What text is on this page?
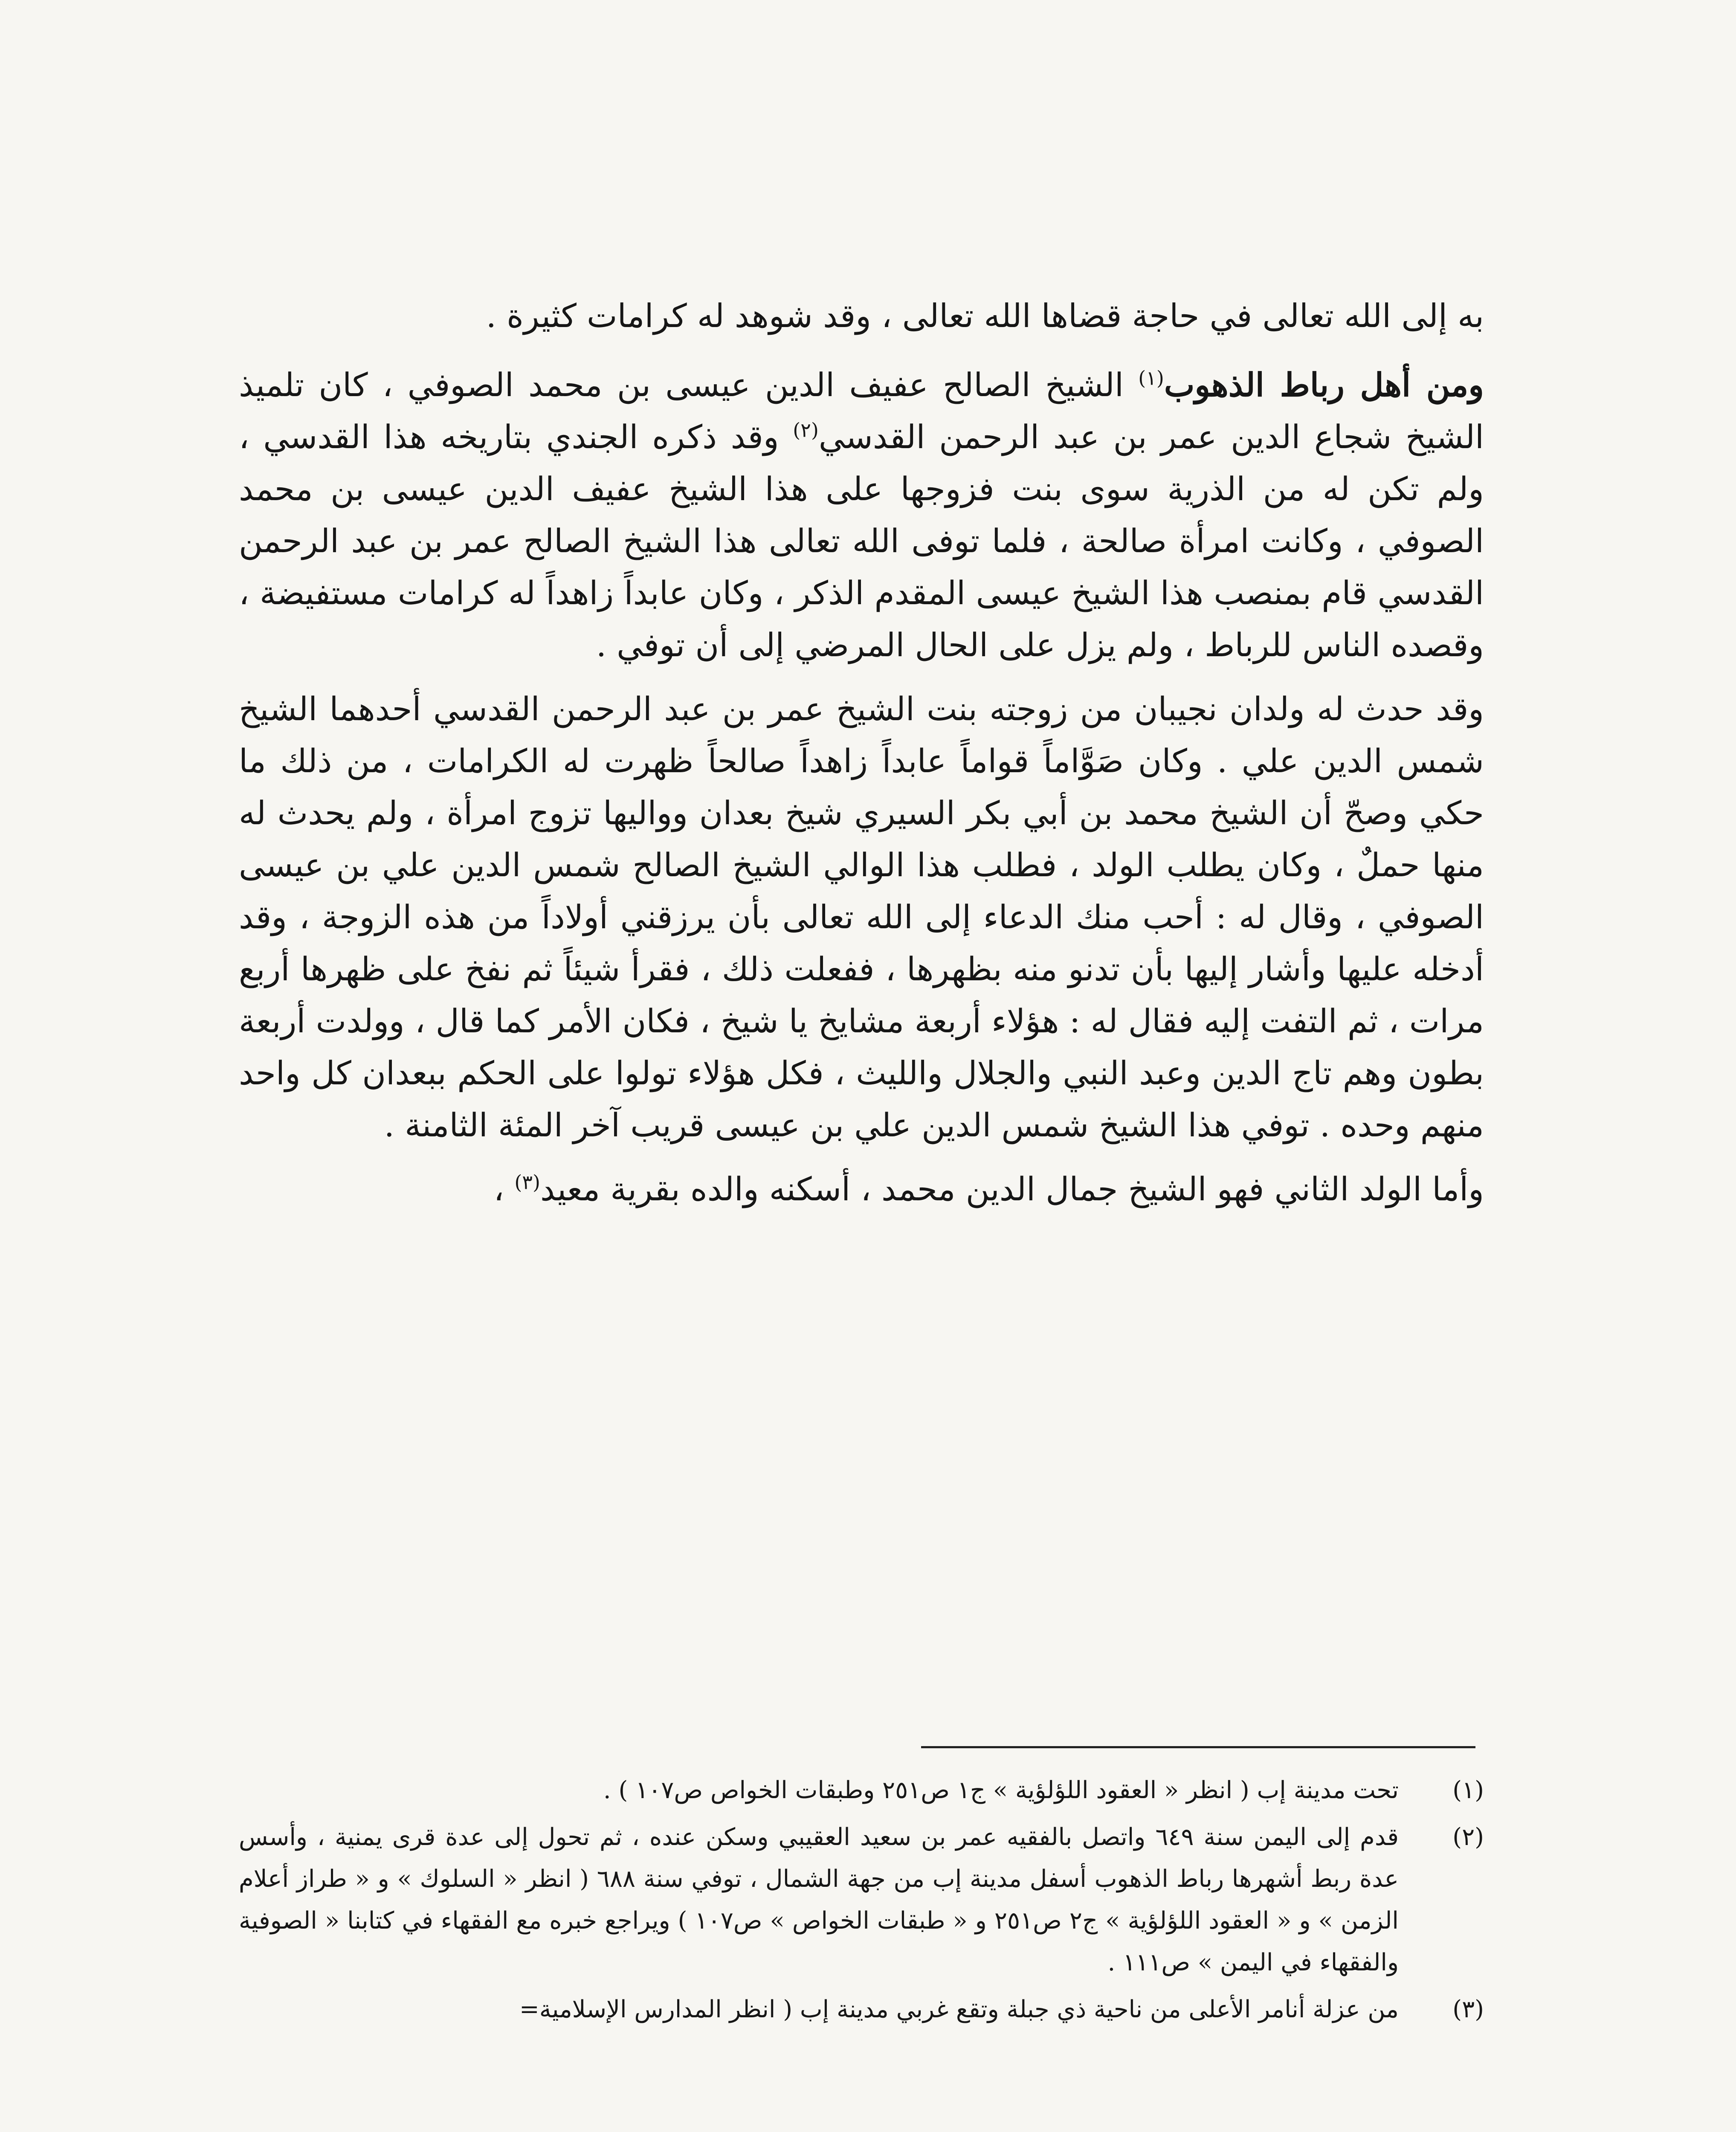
به إلى الله تعالى في حاجة قضاها الله تعالى ، وقد شوهد له كرامات كثيرة .

ومن أهل رباط الذهوب$^{(١)}$ الشيخ الصالح عفيف الدين عيسى بن محمد الصوفي ، كان تلميذ الشيخ شجاع الدين عمر بن عبد الرحمن القدسي$^{(٢)}$ وقد ذكره الجندي بتاريخه هذا القدسي ، ولم تكن له من الذرية سوى بنت فزوجها على هذا الشيخ عفيف الدين عيسى بن محمد الصوفي ، وكانت امرأة صالحة ، فلما توفى الله تعالى هذا الشيخ الصالح عمر بن عبد الرحمن القدسي قام بمنصب هذا الشيخ عيسى المقدم الذكر ، وكان عابداً زاهداً له كرامات مستفيضة ، وقصده الناس للرباط ، ولم يزل على الحال المرضي إلى أن توفي .

وقد حدث له ولدان نجيبان من زوجته بنت الشيخ عمر بن عبد الرحمن القدسي أحدهما الشيخ شمس الدين علي . وكان صَوَّاماً قواماً عابداً زاهداً صالحاً ظهرت له الكرامات ، من ذلك ما حكي وصحّ أن الشيخ محمد بن أبي بكر السيري شيخ بعدان وواليها تزوج امرأة ، ولم يحدث له منها حملٌ ، وكان يطلب الولد ، فطلب هذا الوالي الشيخ الصالح شمس الدين علي بن عيسى الصوفي ، وقال له : أحب منك الدعاء إلى الله تعالى بأن يرزقني أولاداً من هذه الزوجة ، وقد أدخله عليها وأشار إليها بأن تدنو منه بظهرها ، ففعلت ذلك ، فقرأ شيئاً ثم نفخ على ظهرها أربع مرات ، ثم التفت إليه فقال له : هؤلاء أربعة مشايخ يا شيخ ، فكان الأمر كما قال ، وولدت أربعة بطون وهم تاج الدين وعبد النبي والجلال والليث ، فكل هؤلاء تولوا على الحكم ببعدان كل واحد منهم وحده . توفي هذا الشيخ شمس الدين علي بن عيسى قريب آخر المئة الثامنة .

وأما الولد الثاني فهو الشيخ جمال الدين محمد ، أسكنه والده بقرية معيد$^{(٣)}$ ،

(١)
تحت مدينة إب ( انظر « العقود اللؤلؤية » ج١ ص٢٥١ وطبقات الخواص ص١٠٧ ) .
(٢)
قدم إلى اليمن سنة ٦٤٩ واتصل بالفقيه عمر بن سعيد العقيبي وسكن عنده ، ثم تحول إلى عدة قرى يمنية ، وأسس عدة ربط أشهرها رباط الذهوب أسفل مدينة إب من جهة الشمال ، توفي سنة ٦٨٨ ( انظر « السلوك » و « طراز أعلام الزمن » و « العقود اللؤلؤية » ج٢ ص٢٥١ و « طبقات الخواص » ص١٠٧ ) ويراجع خبره مع الفقهاء في كتابنا « الصوفية والفقهاء في اليمن » ص١١١ .
(٣)
من عزلة أنامر الأعلى من ناحية ذي جبلة وتقع غربي مدينة إب ( انظر المدارس الإسلامية=
